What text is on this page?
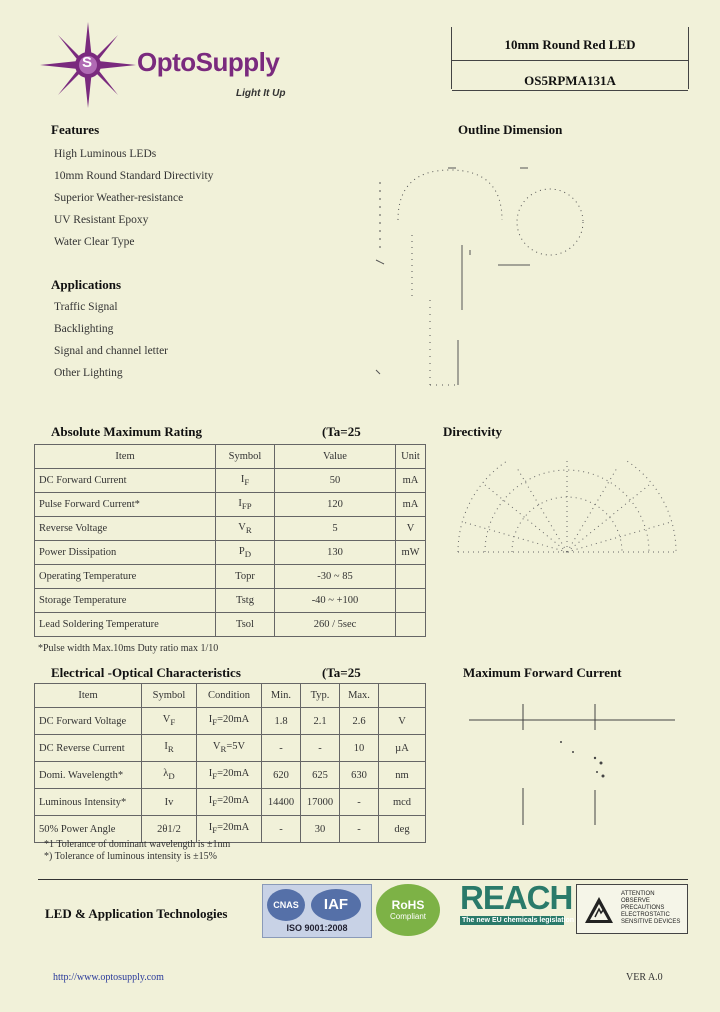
S OptoSupply
Light It Up
10mm Round Red LED
OS5RPMA131A
Features
High Luminous LEDs
10mm Round Standard Directivity
Superior Weather-resistance
UV Resistant Epoxy
Water Clear Type
Applications
Traffic Signal
Backlighting
Signal and channel letter
Other Lighting
Outline Dimension
Absolute Maximum Rating	(Ta=25
Item	Symbol	Value	Unit
DC Forward Current	$I_F$	50	mA
Pulse Forward Current*	$I_{FP}$	120	mA
Reverse Voltage	$V_R$	5	V
Power Dissipation	$P_D$	130	mW
Operating Temperature	Topr	-30 ~ 85	
Storage Temperature	Tstg	-40 ~ +100	
Lead Soldering Temperature	Tsol	260 / 5sec	
*Pulse width Max.10ms Duty ratio max 1/10
Directivity
Electrical -Optical Characteristics	(Ta=25
Item	Symbol	Condition	Min.	Typ.	Max.	
DC Forward Voltage	$V_F$	$I_F=20mA$	1.8	2.1	2.6	V
DC Reverse Current	$I_R$	$V_R=5V$	-	-	10	µA
Domi. Wavelength*	$\lambda_D$	$I_F=20mA$	620	625	630	nm
Luminous Intensity*	Iv	$I_F=20mA$	14400	17000	-	mcd
50% Power Angle	2θ1/2	$I_F=20mA$	-	30	-	deg
*1 Tolerance of dominant wavelength is ±1nm
*) Tolerance of luminous intensity is ±15%
Maximum Forward Current
LED & Application Technologies
CNAS	IAF
ISO 9001:2008
RoHS
Compliant
REACH
The new EU chemicals legislation
ATTENTION
OBSERVE PRECAUTIONS
ELECTROSTATIC
SENSITIVE DEVICES
http://www.optosupply.com	VER A.0
